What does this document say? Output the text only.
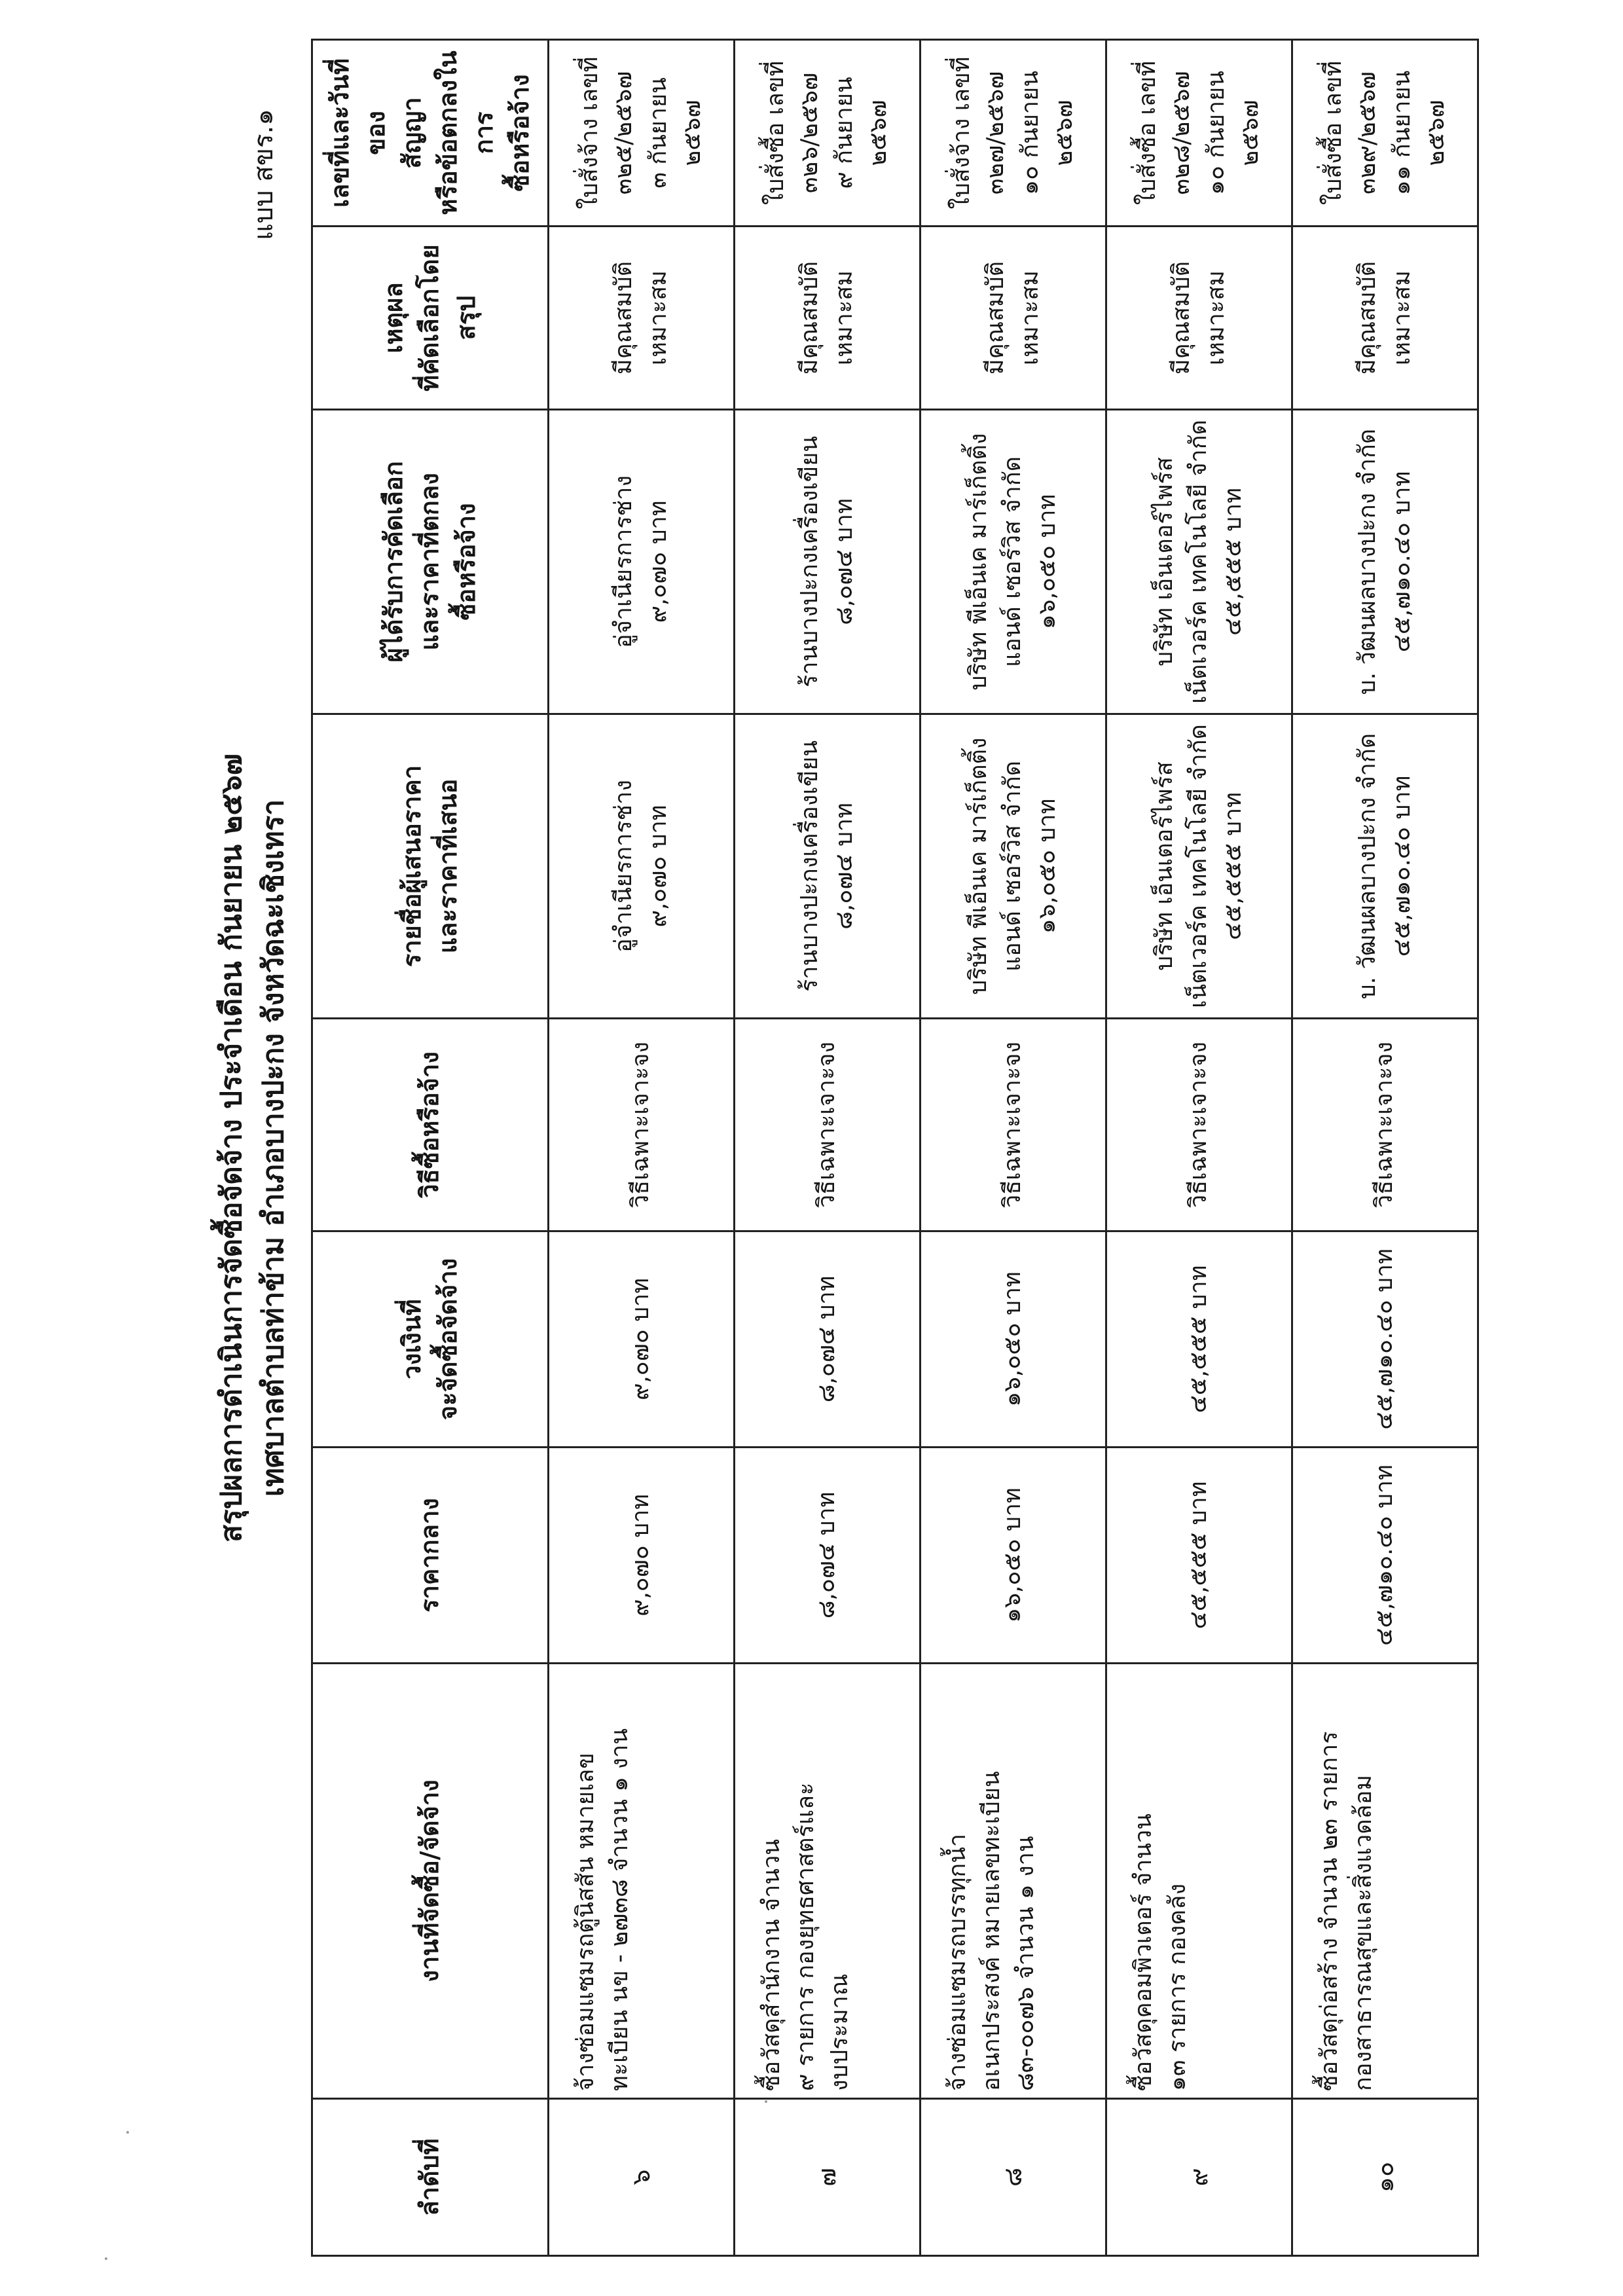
แบบ สขร.๑
สรุปผลการดำเนินการจัดซื้อจัดจ้าง ประจำเดือน กันยายน ๒๕๖๗ เทศบาลตำบลท่าข้าม อำเภอบางปะกง จังหวัดฉะเชิงเทรา
ลำดับที่	งานที่จัดซื้อ/จัดจ้าง	ราคากลาง	วงเงินที่ จะจัดซื้อจัดจ้าง	วิธีซื้อหรือจ้าง	รายชื่อผู้เสนอราคา และราคาที่เสนอ	ผู้ได้รับการคัดเลือก และราคาที่ตกลง ซื้อหรือจ้าง	เหตุผล ที่คัดเลือกโดย สรุป	เลขที่และวันที่ของ สัญญา หรือข้อตกลงในการ ซื้อหรือจ้าง

๖	จ้างซ่อมแซมรถตู้นิสสัน หมายเลข ทะเบียน นข - ๒๗๓๘ จำนวน ๑ งาน	๙,๐๗๐ บาท	๙,๐๗๐ บาท	วิธีเฉพาะเจาะจง	อู่จำเนียรการช่าง ๙,๐๗๐ บาท	อู่จำเนียรการช่าง ๙,๐๗๐ บาท	มีคุณสมบัติ เหมาะสม	ใบสั่งจ้าง เลขที่ ๓๒๕/๒๕๖๗ ๓ กันยายน ๒๕๖๗

๗	ซื้อวัสดุสำนักงาน จำนวน ๙ รายการ กองยุทธศาสตร์และ งบประมาณ	๘,๐๗๔ บาท	๘,๐๗๔ บาท	วิธีเฉพาะเจาะจง	ร้านบางปะกงเครื่องเขียน ๘,๐๗๔ บาท	ร้านบางปะกงเครื่องเขียน ๘,๐๗๔ บาท	มีคุณสมบัติ เหมาะสม	ใบสั่งซื้อ เลขที่ ๓๒๖/๒๕๖๗ ๙ กันยายน ๒๕๖๗

๘	จ้างซ่อมแซมรถบรรทุกน้ำ อเนกประสงค์ หมายเลขทะเบียน ๘๓-๐๐๗๖ จำนวน ๑ งาน	๑๖,๐๕๐ บาท	๑๖,๐๕๐ บาท	วิธีเฉพาะเจาะจง	บริษัท พีเอ็นเค มาร์เก็ตติ้ง แอนด์ เซอร์วิส จำกัด ๑๖,๐๕๐ บาท	บริษัท พีเอ็นเค มาร์เก็ตติ้ง แอนด์ เซอร์วิส จำกัด ๑๖,๐๕๐ บาท	มีคุณสมบัติ เหมาะสม	ใบสั่งจ้าง เลขที่ ๓๒๗/๒๕๖๗ ๑๐ กันยายน ๒๕๖๗

๙	ซื้อวัสดุคอมพิวเตอร์ จำนวน ๑๓ รายการ กองคลัง	๔๕,๕๕๕ บาท	๔๕,๕๕๕ บาท	วิธีเฉพาะเจาะจง	บริษัท เอ็นเตอร์ไพร์ส เน็ตเวอร์ค เทคโนโลยี จำกัด ๔๕,๕๕๕ บาท	บริษัท เอ็นเตอร์ไพร์ส เน็ตเวอร์ค เทคโนโลยี จำกัด ๔๕,๕๕๕ บาท	มีคุณสมบัติ เหมาะสม	ใบสั่งซื้อ เลขที่ ๓๒๘/๒๕๖๗ ๑๐ กันยายน ๒๕๖๗

๑๐	ซื้อวัสดุก่อสร้าง จำนวน ๒๓ รายการ กองสาธารณสุขและสิ่งแวดล้อม	๔๕,๗๑๐.๔๐ บาท	๔๕,๗๑๐.๔๐ บาท	วิธีเฉพาะเจาะจง	บ. วัฒนผลบางปะกง จำกัด ๔๕,๗๑๐.๔๐ บาท	บ. วัฒนผลบางปะกง จำกัด ๔๕,๗๑๐.๔๐ บาท	มีคุณสมบัติ เหมาะสม	ใบสั่งซื้อ เลขที่ ๓๒๙/๒๕๖๗ ๑๑ กันยายน ๒๕๖๗
